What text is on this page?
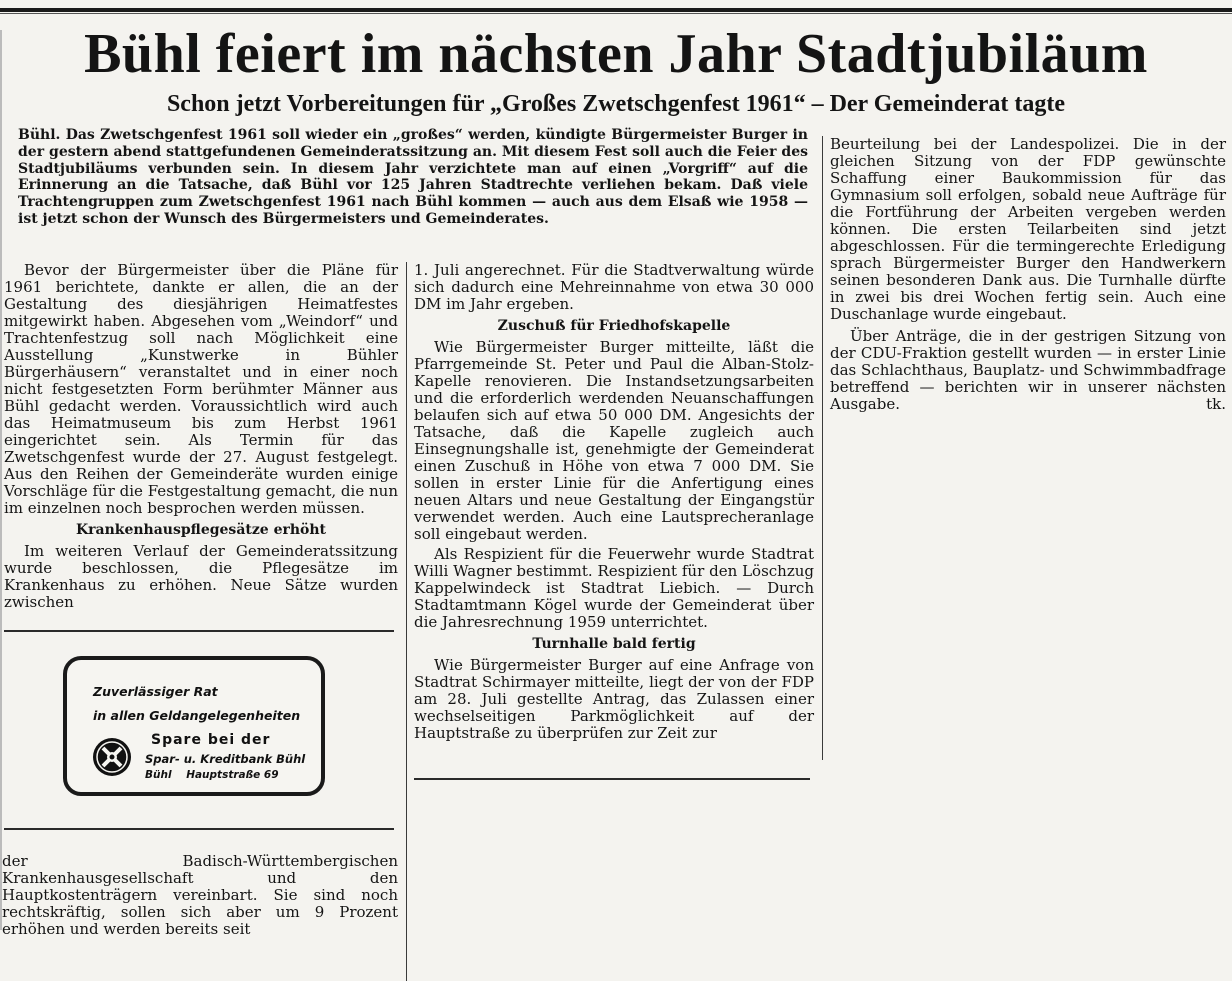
Bühl feiert im nächsten Jahr Stadtjubiläum
Schon jetzt Vorbereitungen für „Großes Zwetschgenfest 1961“ – Der Gemeinderat tagte

Bühl. Das Zwetschgenfest 1961 soll wieder ein „großes“ werden, kündigte Bürgermeister Burger in der gestern abend stattgefundenen Gemeinderatssitzung an. Mit diesem Fest soll auch die Feier des Stadtjubiläums verbunden sein. In diesem Jahr verzichtete man auf einen „Vorgriff“ auf die Erinnerung an die Tatsache, daß Bühl vor 125 Jahren Stadtrechte verliehen bekam. Daß viele Trachtengruppen zum Zwetschgenfest 1961 nach Bühl kommen — auch aus dem Elsaß wie 1958 — ist jetzt schon der Wunsch des Bürgermeisters und Gemeinderates.

Bevor der Bürgermeister über die Pläne für 1961 berichtete, dankte er allen, die an der Gestaltung des diesjährigen Heimatfestes mitgewirkt haben. Abgesehen vom „Weindorf“ und Trachtenfestzug soll nach Möglichkeit eine Ausstellung „Kunstwerke in Bühler Bürgerhäusern“ veranstaltet und in einer noch nicht festgesetzten Form berühmter Männer aus Bühl gedacht werden. Voraussichtlich wird auch das Heimatmuseum bis zum Herbst 1961 eingerichtet sein. Als Termin für das Zwetschgenfest wurde der 27. August festgelegt. Aus den Reihen der Gemeinderäte wurden einige Vorschläge für die Festgestaltung gemacht, die nun im einzelnen noch besprochen werden müssen.

Krankenhauspflegesätze erhöht

Im weiteren Verlauf der Gemeinderatssitzung wurde beschlossen, die Pflegesätze im Krankenhaus zu erhöhen. Neue Sätze wurden zwischen

Zuverlässiger Rat
in allen Geldangelegenheiten
Spare bei der
Spar- u. Kreditbank Bühl
Bühl Hauptstraße 69

der Badisch-Württembergischen Krankenhausgesellschaft und den Hauptkostenträgern vereinbart. Sie sind noch rechtskräftig, sollen sich aber um 9 Prozent erhöhen und werden bereits seit

1. Juli angerechnet. Für die Stadtverwaltung würde sich dadurch eine Mehreinnahme von etwa 30 000 DM im Jahr ergeben.

Zuschuß für Friedhofskapelle

Wie Bürgermeister Burger mitteilte, läßt die Pfarrgemeinde St. Peter und Paul die Alban-Stolz-Kapelle renovieren. Die Instandsetzungsarbeiten und die erforderlich werdenden Neuanschaffungen belaufen sich auf etwa 50 000 DM. Angesichts der Tatsache, daß die Kapelle zugleich auch Einsegnungshalle ist, genehmigte der Gemeinderat einen Zuschuß in Höhe von etwa 7 000 DM. Sie sollen in erster Linie für die Anfertigung eines neuen Altars und neue Gestaltung der Eingangstür verwendet werden. Auch eine Lautsprecheranlage soll eingebaut werden.

Als Respizient für die Feuerwehr wurde Stadtrat Willi Wagner bestimmt. Respizient für den Löschzug Kappelwindeck ist Stadtrat Liebich. — Durch Stadtamtmann Kögel wurde der Gemeinderat über die Jahresrechnung 1959 unterrichtet.

Turnhalle bald fertig

Wie Bürgermeister Burger auf eine Anfrage von Stadtrat Schirmayer mitteilte, liegt der von der FDP am 28. Juli gestellte Antrag, das Zulassen einer wechselseitigen Parkmöglichkeit auf der Hauptstraße zu überprüfen zur Zeit zur

Beurteilung bei der Landespolizei. Die in der gleichen Sitzung von der FDP gewünschte Schaffung einer Baukommission für das Gymnasium soll erfolgen, sobald neue Aufträge für die Fortführung der Arbeiten vergeben werden können. Die ersten Teilarbeiten sind jetzt abgeschlossen. Für die termingerechte Erledigung sprach Bürgermeister Burger den Handwerkern seinen besonderen Dank aus. Die Turnhalle dürfte in zwei bis drei Wochen fertig sein. Auch eine Duschanlage wurde eingebaut.

Über Anträge, die in der gestrigen Sitzung von der CDU-Fraktion gestellt wurden — in erster Linie das Schlachthaus, Bauplatz- und Schwimmbadfrage betreffend — berichten wir in unserer nächsten Ausgabe.	tk.
